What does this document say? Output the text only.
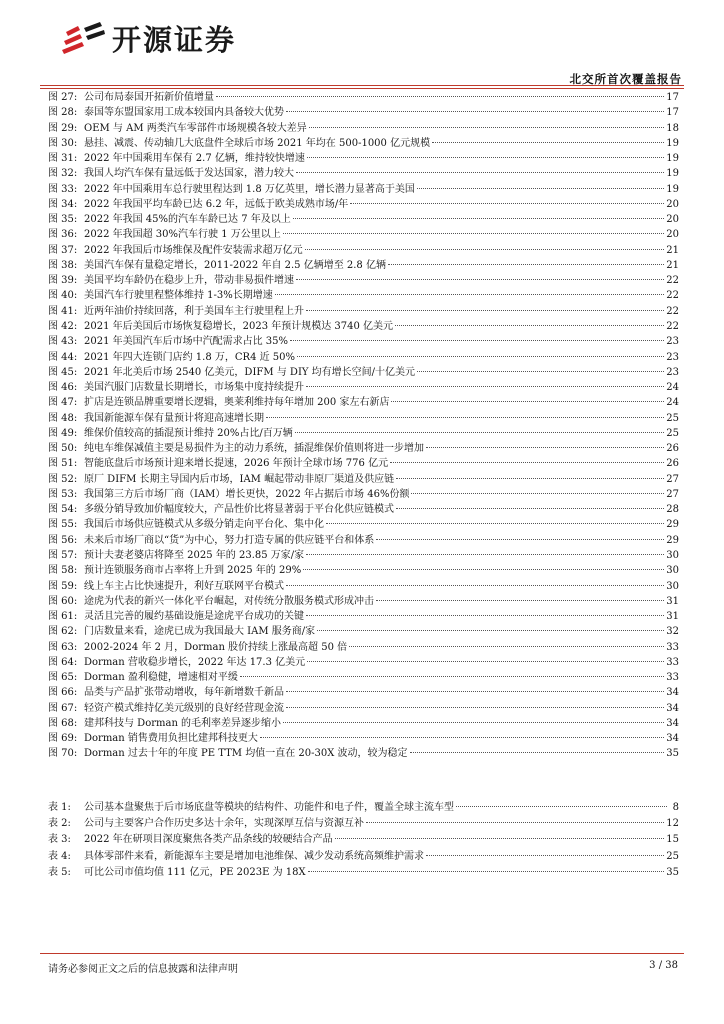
开源证券
北交所首次覆盖报告
图 27: 公司布局泰国开拓新价值增量	17
图 28: 泰国等东盟国家用工成本较国内具备较大优势	17
图 29: OEM 与 AM 两类汽车零部件市场规模各较大差异	18
图 30: 悬挂、减震、传动轴几大底盘件全球后市场 2021 年均在 500-1000 亿元规模	19
图 31: 2022 年中国乘用车保有 2.7 亿辆，维持较快增速	19
图 32: 我国人均汽车保有量远低于发达国家，潜力较大	19
图 33: 2022 年中国乘用车总行驶里程达到 1.8 万亿英里，增长潜力显著高于美国	19
图 34: 2022 年我国平均车龄已达 6.2 年，远低于欧美成熟市场/年	20
图 35: 2022 年我国 45%的汽车车龄已达 7 年及以上	20
图 36: 2022 年我国超 30%汽车行驶 1 万公里以上	20
图 37: 2022 年我国后市场维保及配件安装需求超万亿元	21
图 38: 美国汽车保有量稳定增长，2011-2022 年自 2.5 亿辆增至 2.8 亿辆	21
图 39: 美国平均车龄仍在稳步上升，带动非易损件增速	22
图 40: 美国汽车行驶里程整体维持 1-3%长期增速	22
图 41: 近两年油价持续回落，利于美国车主行驶里程上升	22
图 42: 2021 年后美国后市场恢复稳增长，2023 年预计规模达 3740 亿美元	22
图 43: 2021 年美国汽车后市场中汽配需求占比 35%	23
图 44: 2021 年四大连锁门店约 1.8 万，CR4 近 50%	23
图 45: 2021 年北美后市场 2540 亿美元，DIFM 与 DIY 均有增长空间/十亿美元	23
图 46: 美国汽服门店数量长期增长，市场集中度持续提升	24
图 47: 扩店是连锁品牌重要增长逻辑，奥莱利维持每年增加 200 家左右新店	24
图 48: 我国新能源车保有量预计将迎高速增长期	25
图 49: 维保价值较高的插混预计维持 20%占比/百万辆	25
图 50: 纯电车维保减值主要是易损件为主的动力系统，插混维保价值则将进一步增加	26
图 51: 智能底盘后市场预计迎来增长提速，2026 年预计全球市场 776 亿元	26
图 52: 原厂 DIFM 长期主导国内后市场，IAM 崛起带动非原厂渠道及供应链	27
图 53: 我国第三方后市场厂商（IAM）增长更快，2022 年占据后市场 46%份额	27
图 54: 多级分销导致加价幅度较大，产品性价比将显著弱于平台化供应链模式	28
图 55: 我国后市场供应链模式从多级分销走向平台化、集中化	29
图 56: 未来后市场厂商以“货”为中心，努力打造专属的供应链平台和体系	29
图 57: 预计夫妻老婆店将降至 2025 年的 23.85 万家/家	30
图 58: 预计连锁服务商市占率将上升到 2025 年的 29%	30
图 59: 线上车主占比快速提升，利好互联网平台模式	30
图 60: 途虎为代表的新兴一体化平台崛起，对传统分散服务模式形成冲击	31
图 61: 灵活且完善的履约基础设施是途虎平台成功的关键	31
图 62: 门店数量来看，途虎已成为我国最大 IAM 服务商/家	32
图 63: 2002-2024 年 2 月，Dorman 股价持续上涨最高超 50 倍	33
图 64: Dorman 营收稳步增长，2022 年达 17.3 亿美元	33
图 65: Dorman 盈利稳健，增速相对平缓	33
图 66: 品类与产品扩张带动增收，每年新增数千新品	34
图 67: 轻资产模式维持亿美元级别的良好经营现金流	34
图 68: 建邦科技与 Dorman 的毛利率差异逐步缩小	34
图 69: Dorman 销售费用负担比建邦科技更大	34
图 70: Dorman 过去十年的年度 PE TTM 均值一直在 20-30X 波动，较为稳定	35
表 1:	公司基本盘聚焦于后市场底盘等模块的结构件、功能件和电子件，覆盖全球主流车型	8
表 2:	公司与主要客户合作历史多达十余年，实现深厚互信与资源互补	12
表 3:	2022 年在研项目深度聚焦各类产品条线的较硬结合产品	15
表 4:	具体零部件来看，新能源车主要是增加电池维保、减少发动系统高频维护需求	25
表 5:	可比公司市值均值 111 亿元，PE 2023E 为 18X	35
请务必参阅正文之后的信息披露和法律声明	3 / 38
